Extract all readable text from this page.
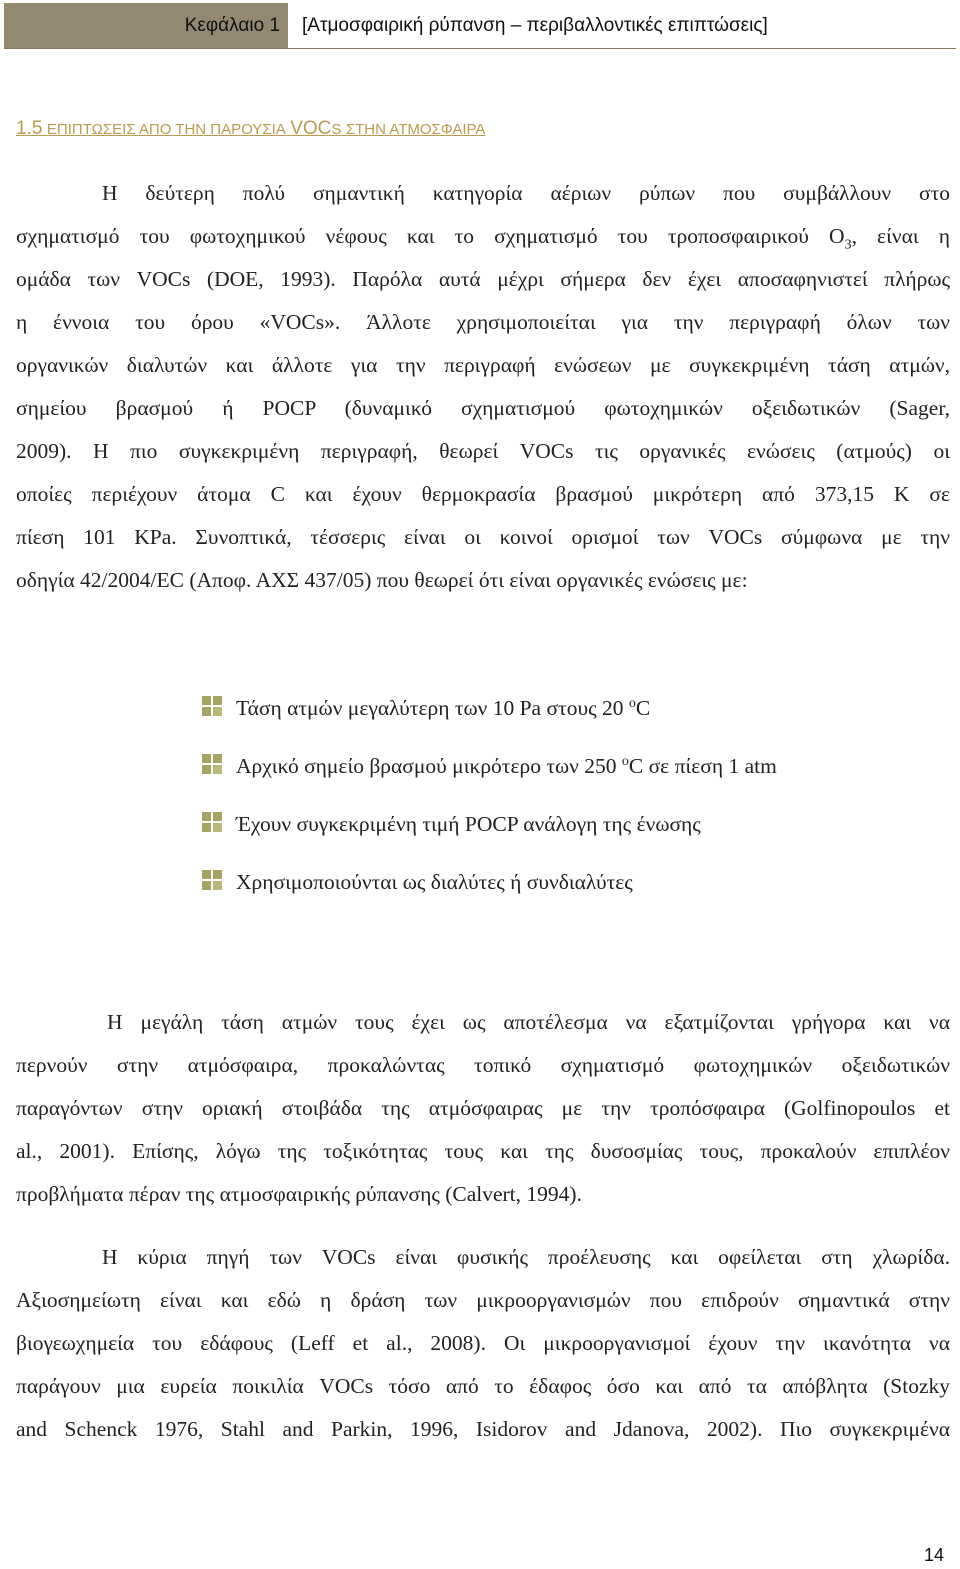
Κεφάλαιο 1 [Ατμοσφαιρική ρύπανση – περιβαλλοντικές επιπτώσεις]
1.5 ΕΠΙΠΤΩΣΕΙΣ ΑΠΟ ΤΗΝ ΠΑΡΟΥΣΙΑ VOCS ΣΤΗΝ ΑΤΜΟΣΦΑΙΡΑ
Η δεύτερη πολύ σημαντική κατηγορία αέριων ρύπων που συμβάλλουν στο
σχηματισμό του φωτοχημικού νέφους και το σχηματισμό του τροποσφαιρικού $O_3$, είναι η
ομάδα των VOCs (DOE, 1993). Παρόλα αυτά μέχρι σήμερα δεν έχει αποσαφηνιστεί πλήρως
η έννοια του όρου «VOCs». Άλλοτε χρησιμοποιείται για την περιγραφή όλων των
οργανικών διαλυτών και άλλοτε για την περιγραφή ενώσεων με συγκεκριμένη τάση ατμών,
σημείου βρασμού ή POCP (δυναμικό σχηματισμού φωτοχημικών οξειδωτικών (Sager,
2009). Η πιο συγκεκριμένη περιγραφή, θεωρεί VOCs τις οργανικές ενώσεις (ατμούς) οι
οποίες περιέχουν άτομα C και έχουν θερμοκρασία βρασμού μικρότερη από 373,15 Κ σε
πίεση 101 KPa. Συνοπτικά, τέσσερις είναι οι κοινοί ορισμοί των VOCs σύμφωνα με την
οδηγία 42/2004/ΕC (Αποφ. ΑΧΣ 437/05) που θεωρεί ότι είναι οργανικές ενώσεις με:
Τάση ατμών μεγαλύτερη των 10 Pa στους 20 $^o$C
Αρχικό σημείο βρασμού μικρότερο των 250 $^o$C σε πίεση 1 atm
Έχουν συγκεκριμένη τιμή POCP ανάλογη της ένωσης
Χρησιμοποιούνται ως διαλύτες ή συνδιαλύτες
Η μεγάλη τάση ατμών τους έχει ως αποτέλεσμα να εξατμίζονται γρήγορα και να
περνούν στην ατμόσφαιρα, προκαλώντας τοπικό σχηματισμό φωτοχημικών οξειδωτικών
παραγόντων στην οριακή στοιβάδα της ατμόσφαιρας με την τροπόσφαιρα (Golfinopoulos et
al., 2001). Επίσης, λόγω της τοξικότητας τους και της δυσοσμίας τους, προκαλούν επιπλέον
προβλήματα πέραν της ατμοσφαιρικής ρύπανσης (Calvert, 1994).
Η κύρια πηγή των VOCs είναι φυσικής προέλευσης και οφείλεται στη χλωρίδα.
Αξιοσημείωτη είναι και εδώ η δράση των μικροοργανισμών που επιδρούν σημαντικά στην
βιογεωχημεία του εδάφους (Leff et al., 2008). Οι μικροοργανισμοί έχουν την ικανότητα να
παράγουν μια ευρεία ποικιλία VOCs τόσο από το έδαφος όσο και από τα απόβλητα (Stozky
and Schenck 1976, Stahl and Parkin, 1996, Isidorov and Jdanova, 2002). Πιο συγκεκριμένα
14
